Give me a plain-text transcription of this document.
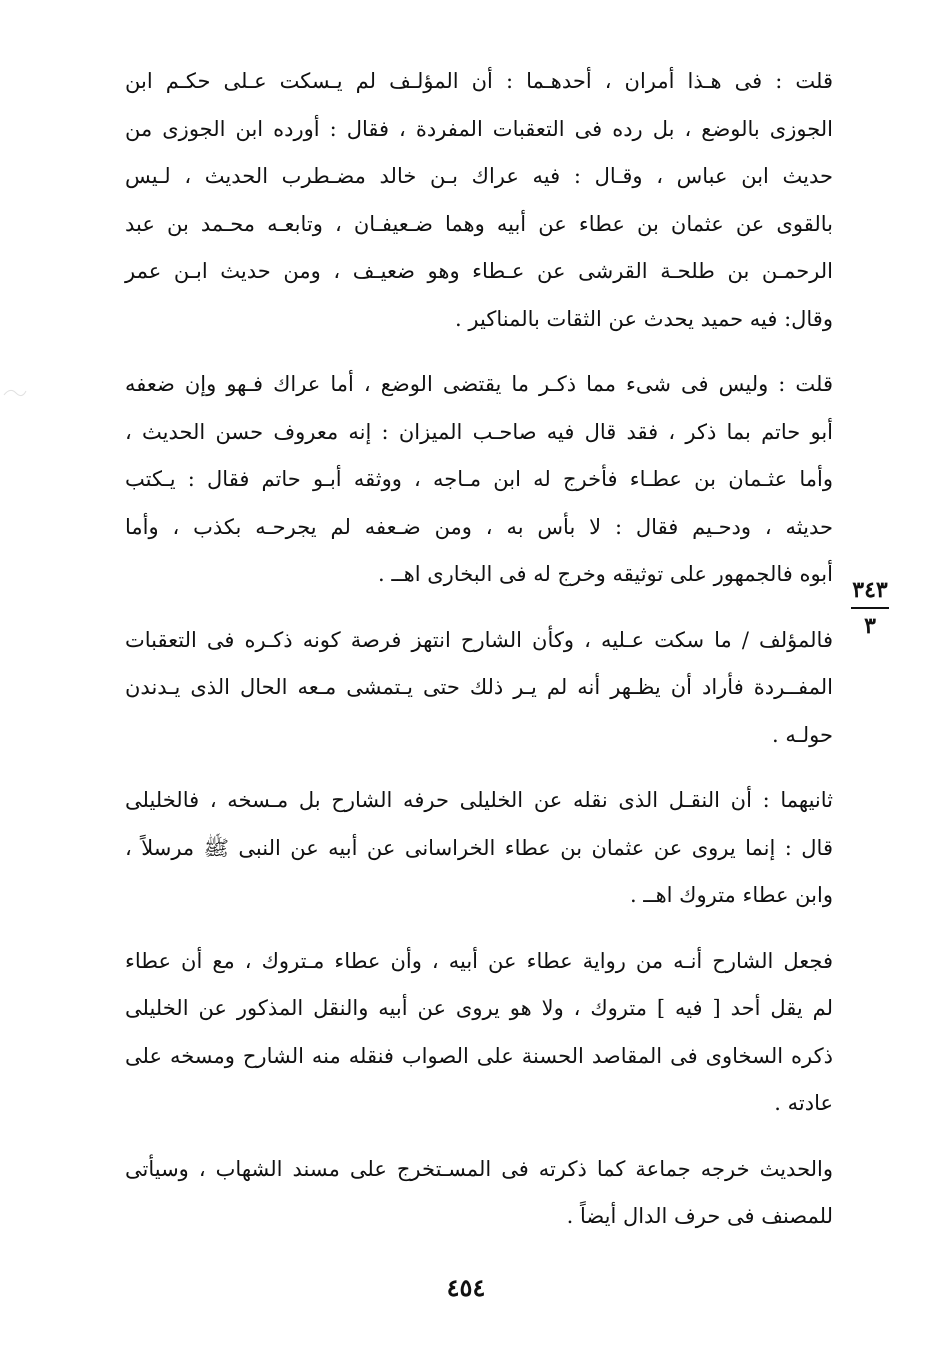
قلت : فى هـذا أمران ، أحدهـما : أن المؤلـف لم يـسكت عـلى حكـم ابن
الجوزى بالوضع ، بل رده فى التعقبات المفردة ، فقال : أورده ابن الجوزى من
حديث ابن عباس ، وقـال : فيه عراك بـن خالد مضـطرب الحديث ، لـيس
بالقوى عن عثمان بن عطاء عن أبيه وهما ضـعيفـان ، وتابعـه محـمد بن عبد
الرحمـن بن طلحـة القرشى عن عـطاء وهو ضعيـف ، ومن حديث ابـن عمر
وقال: فيه حميد يحدث عن الثقات بالمناكير .
قلت : وليس فى شىء مما ذكـر ما يقتضى الوضع ، أما عراك فـهو وإن ضعفه
أبو حاتم بما ذكر ، فقد قال فيه صاحـب الميزان : إنه معروف حسن الحديث ،
وأما عثـمان بن عطـاء فأخرج له ابن مـاجه ، ووثقه أبـو حاتم فقال : يـكتب
حديثه ، ودحـيم فقال : لا بأس به ، ومن ضـعفه لم يجرحـه بكذب ، وأما
أبوه فالجمهور على توثيقه وخرج له فى البخارى اهــ .
فالمؤلف / ما سكت عـليه ، وكأن الشارح انتهز فرصة كونه ذكـره فى التعقبات
المفــردة فأراد أن يظـهر أنه لم يـر ذلك حتى يـتمشى مـعه الحال الذى يـدندن
حولـه .
ثانيهما : أن النقـل الذى نقله عن الخليلى حرفه الشارح بل مـسخه ، فالخليلى
قال : إنما يروى عن عثمان بن عطاء الخراسانى عن أبيه عن النبى ﷺ مرسلاً ،
وابن عطاء متروك اهــ .
فجعل الشارح أنـه من رواية عطاء عن أبيه ، وأن عطاء مـتروك ، مع أن عطاء
لم يقل أحد [ فيه ] متروك ، ولا هو يروى عن أبيه والنقل المذكور عن الخليلى
ذكره السخاوى فى المقاصد الحسنة على الصواب فنقله منه الشارح ومسخه على
عادته .
والحديث خرجه جماعة كما ذكرته فى المسـتخرج على مسند الشهاب ، وسيأتى
للمصنف فى حرف الدال أيضاً .
٣٤٣
٣
٤٥٤
